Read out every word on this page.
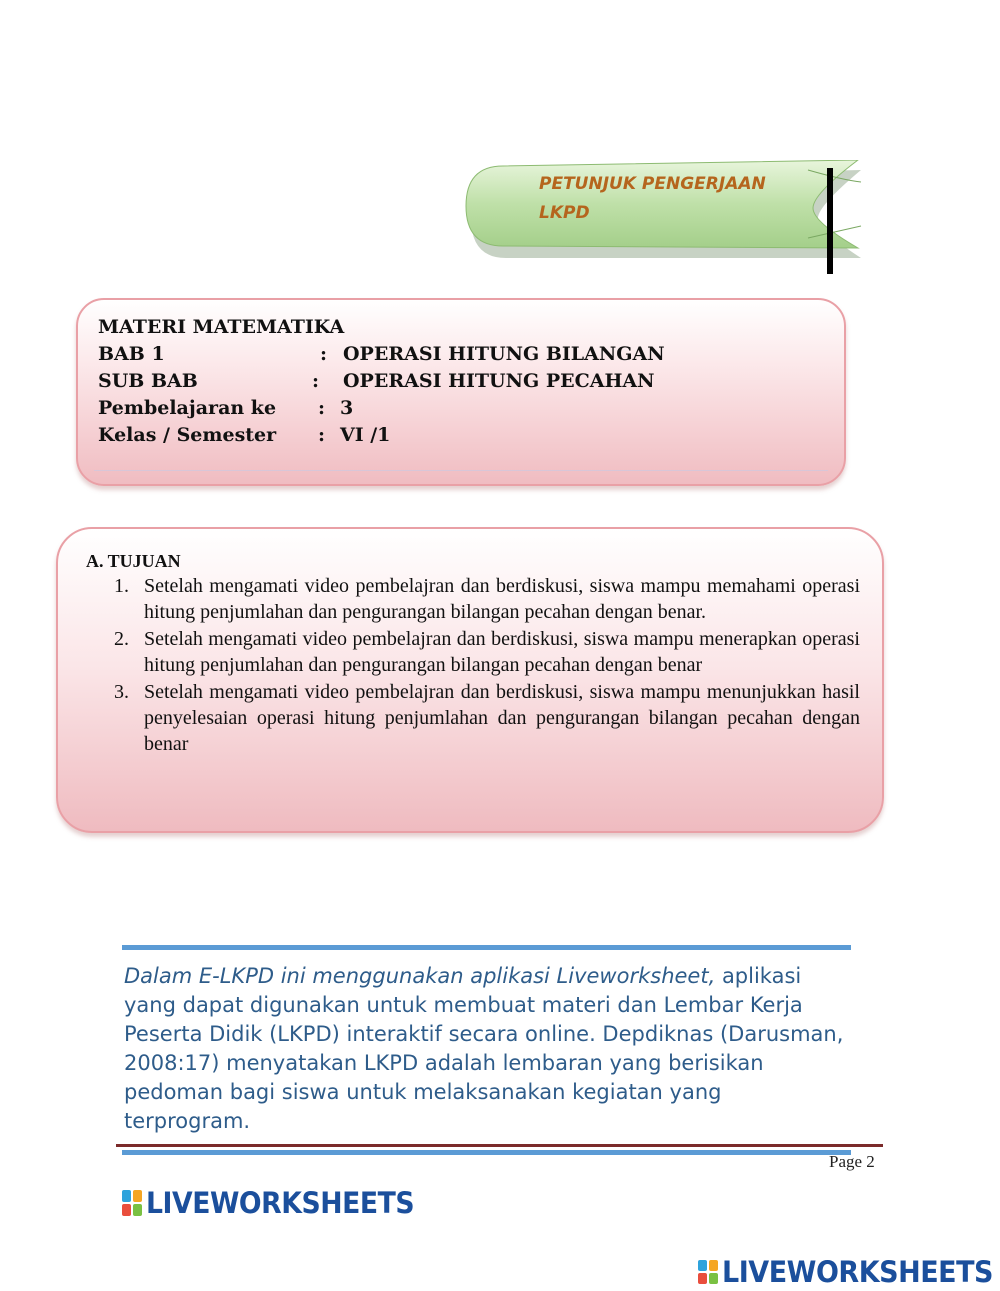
PETUNJUK PENGERJAAN
LKPD
MATERI MATEMATIKA
BAB 1	: OPERASI HITUNG BILANGAN
SUB BAB	: OPERASI HITUNG PECAHAN
Pembelajaran ke : 3
Kelas / Semester : VI /1
A. TUJUAN
1. Setelah mengamati video pembelajran dan berdiskusi, siswa mampu memahami operasi hitung penjumlahan dan pengurangan bilangan pecahan dengan benar.
2. Setelah mengamati video pembelajran dan berdiskusi, siswa mampu menerapkan operasi hitung penjumlahan dan pengurangan bilangan pecahan dengan benar
3. Setelah mengamati video pembelajran dan berdiskusi, siswa mampu menunjukkan hasil penyelesaian operasi hitung penjumlahan dan pengurangan bilangan pecahan dengan benar
Dalam E-LKPD ini menggunakan aplikasi Liveworksheet, aplikasi yang dapat digunakan untuk membuat materi dan Lembar Kerja Peserta Didik (LKPD) interaktif secara online. Depdiknas (Darusman, 2008:17) menyatakan LKPD adalah lembaran yang berisikan pedoman bagi siswa untuk melaksanakan kegiatan yang terprogram.
Page 2
LIVEWORKSHEETS
LIVEWORKSHEETS
